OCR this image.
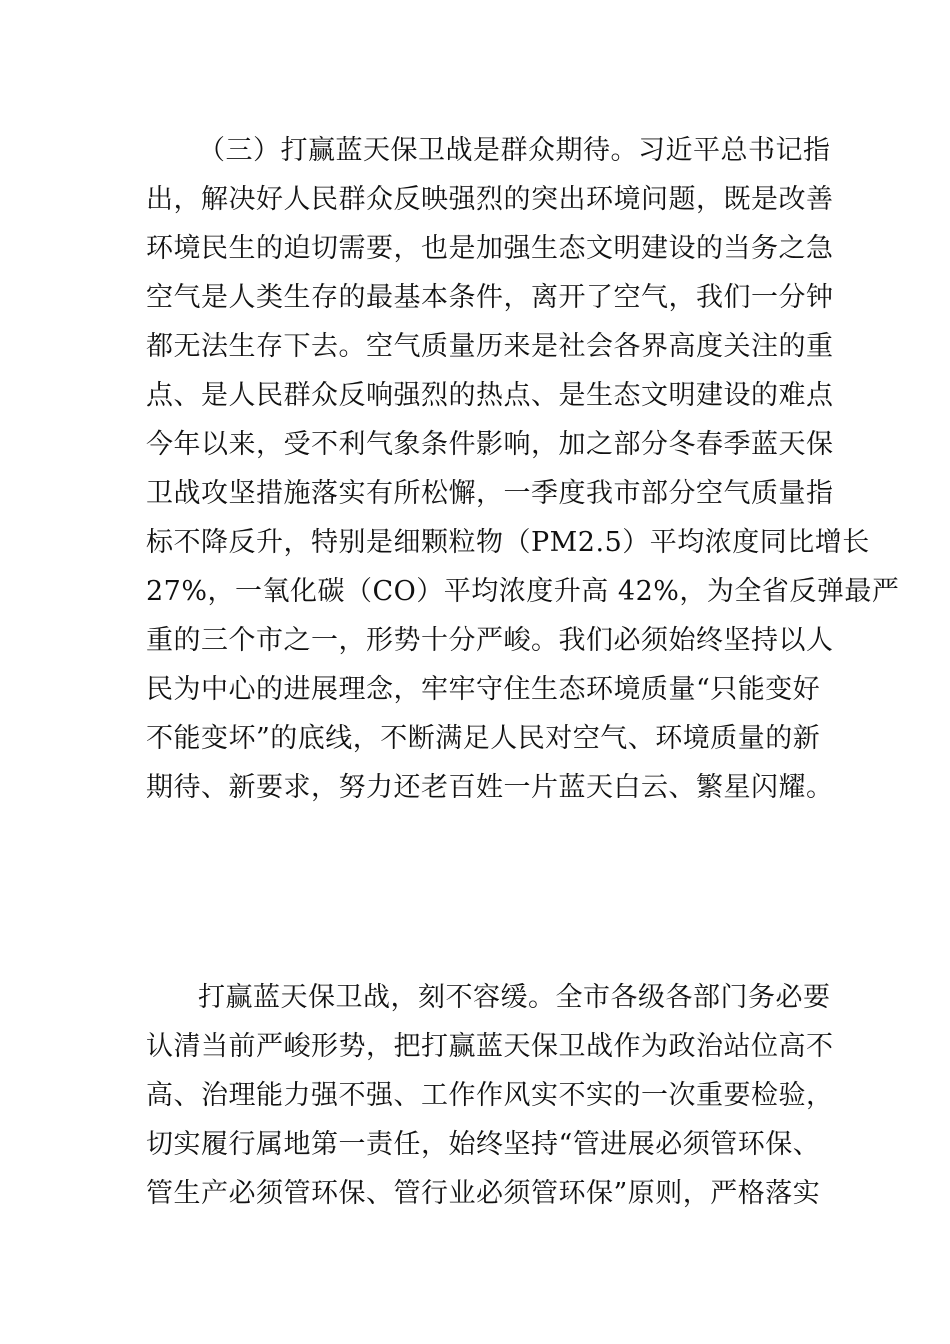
（三）打赢蓝天保卫战是群众期待。习近平总书记指
出，解决好人民群众反映强烈的突出环境问题，既是改善
环境民生的迫切需要，也是加强生态文明建设的当务之急
空气是人类生存的最基本条件，离开了空气，我们一分钟
都无法生存下去。空气质量历来是社会各界高度关注的重
点、是人民群众反响强烈的热点、是生态文明建设的难点
今年以来，受不利气象条件影响，加之部分冬春季蓝天保
卫战攻坚措施落实有所松懈，一季度我市部分空气质量指
标不降反升，特别是细颗粒物（PM2.5）平均浓度同比增长
27%，一氧化碳（CO）平均浓度升高 42%，为全省反弹最严
重的三个市之一，形势十分严峻。我们必须始终坚持以人
民为中心的进展理念，牢牢守住生态环境质量“只能变好
不能变坏”的底线，不断满足人民对空气、环境质量的新
期待、新要求，努力还老百姓一片蓝天白云、繁星闪耀。
打赢蓝天保卫战，刻不容缓。全市各级各部门务必要
认清当前严峻形势，把打赢蓝天保卫战作为政治站位高不
高、治理能力强不强、工作作风实不实的一次重要检验，
切实履行属地第一责任，始终坚持“管进展必须管环保、
管生产必须管环保、管行业必须管环保”原则，严格落实
